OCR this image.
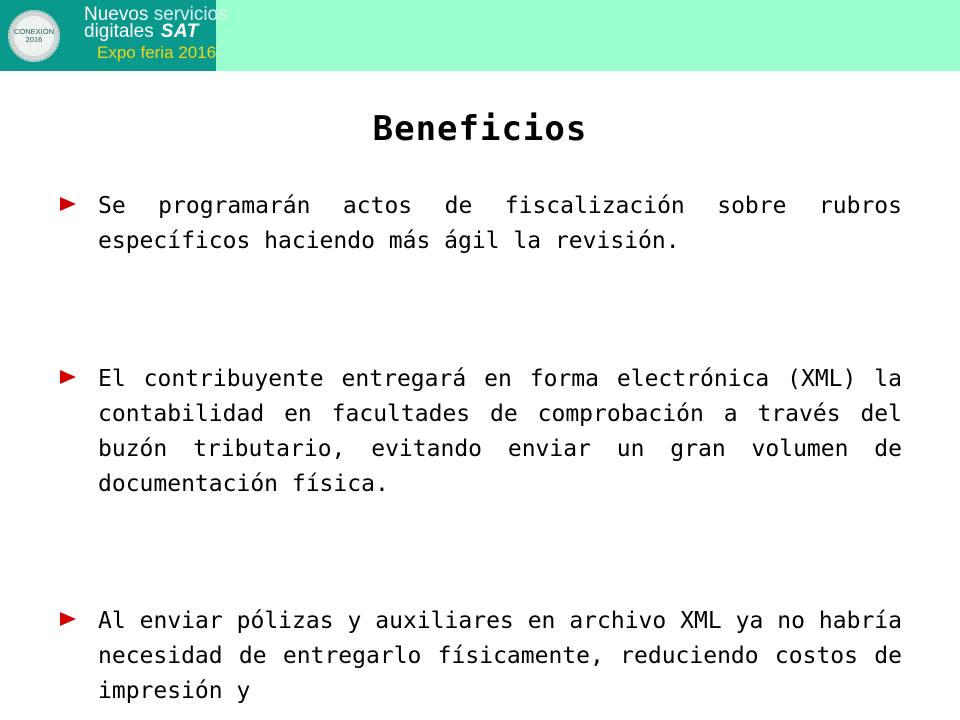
CONEXIÓN
2016
Nuevos servicios
digitales SAT
Expo feria 2016
Beneficios

Se programarán actos de fiscalización sobre rubros específicos haciendo más ágil la revisión.

El contribuyente entregará en forma electrónica (XML) la contabilidad en facultades de comprobación a través del buzón tributario, evitando enviar un gran volumen de documentación física.

Al enviar pólizas y auxiliares en archivo XML ya no habría necesidad de entregarlo físicamente, reduciendo costos de impresión y
